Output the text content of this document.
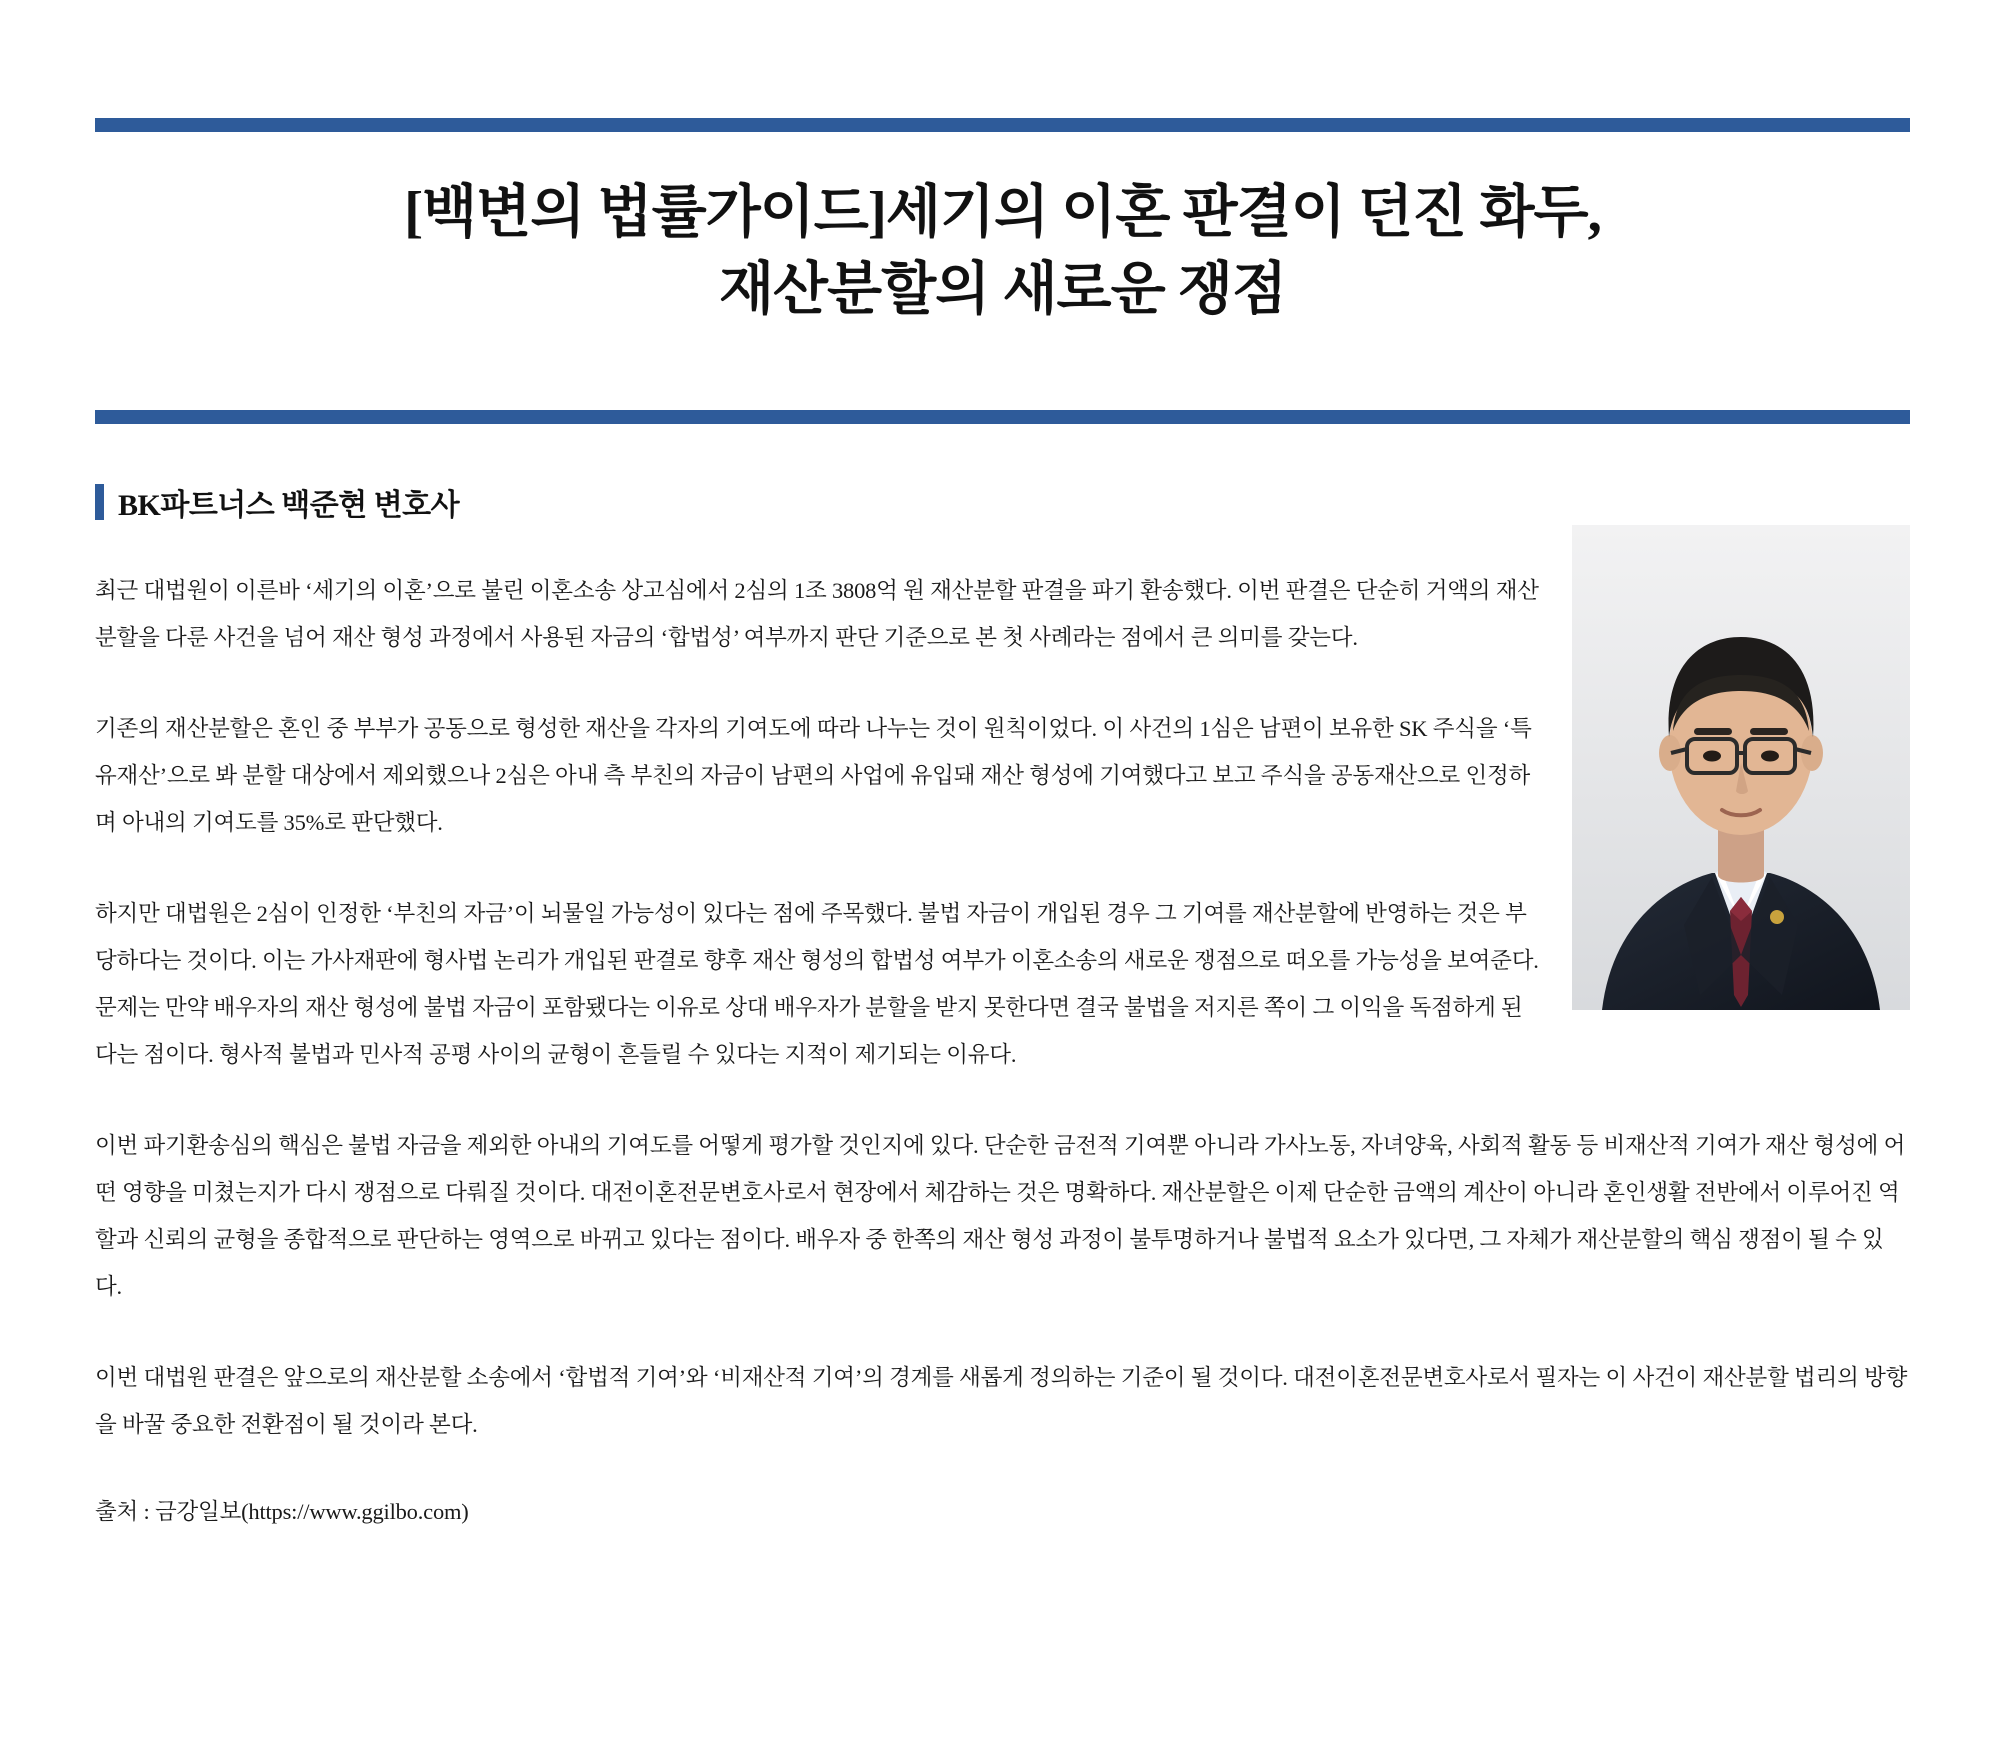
[백변의 법률가이드]세기의 이혼 판결이 던진 화두,
재산분할의 새로운 쟁점
BK파트너스 백준현 변호사

최근 대법원이 이른바 ‘세기의 이혼’으로 불린 이혼소송 상고심에서 2심의 1조 3808억 원 재산분할 판결을 파기 환송했다. 이번 판결은 단순히 거액의 재산분할을 다룬 사건을 넘어 재산 형성 과정에서 사용된 자금의 ‘합법성’ 여부까지 판단 기준으로 본 첫 사례라는 점에서 큰 의미를 갖는다.

기존의 재산분할은 혼인 중 부부가 공동으로 형성한 재산을 각자의 기여도에 따라 나누는 것이 원칙이었다. 이 사건의 1심은 남편이 보유한 SK 주식을 ‘특유재산’으로 봐 분할 대상에서 제외했으나 2심은 아내 측 부친의 자금이 남편의 사업에 유입돼 재산 형성에 기여했다고 보고 주식을 공동재산으로 인정하며 아내의 기여도를 35%로 판단했다.

하지만 대법원은 2심이 인정한 ‘부친의 자금’이 뇌물일 가능성이 있다는 점에 주목했다. 불법 자금이 개입된 경우 그 기여를 재산분할에 반영하는 것은 부당하다는 것이다. 이는 가사재판에 형사법 논리가 개입된 판결로 향후 재산 형성의 합법성 여부가 이혼소송의 새로운 쟁점으로 떠오를 가능성을 보여준다. 문제는 만약 배우자의 재산 형성에 불법 자금이 포함됐다는 이유로 상대 배우자가 분할을 받지 못한다면 결국 불법을 저지른 쪽이 그 이익을 독점하게 된다는 점이다. 형사적 불법과 민사적 공평 사이의 균형이 흔들릴 수 있다는 지적이 제기되는 이유다.

이번 파기환송심의 핵심은 불법 자금을 제외한 아내의 기여도를 어떻게 평가할 것인지에 있다. 단순한 금전적 기여뿐 아니라 가사노동, 자녀양육, 사회적 활동 등 비재산적 기여가 재산 형성에 어떤 영향을 미쳤는지가 다시 쟁점으로 다뤄질 것이다. 대전이혼전문변호사로서 현장에서 체감하는 것은 명확하다. 재산분할은 이제 단순한 금액의 계산이 아니라 혼인생활 전반에서 이루어진 역할과 신뢰의 균형을 종합적으로 판단하는 영역으로 바뀌고 있다는 점이다. 배우자 중 한쪽의 재산 형성 과정이 불투명하거나 불법적 요소가 있다면, 그 자체가 재산분할의 핵심 쟁점이 될 수 있다.

이번 대법원 판결은 앞으로의 재산분할 소송에서 ‘합법적 기여’와 ‘비재산적 기여’의 경계를 새롭게 정의하는 기준이 될 것이다. 대전이혼전문변호사로서 필자는 이 사건이 재산분할 법리의 방향을 바꿀 중요한 전환점이 될 것이라 본다.

출처 : 금강일보(https://www.ggilbo.com)
